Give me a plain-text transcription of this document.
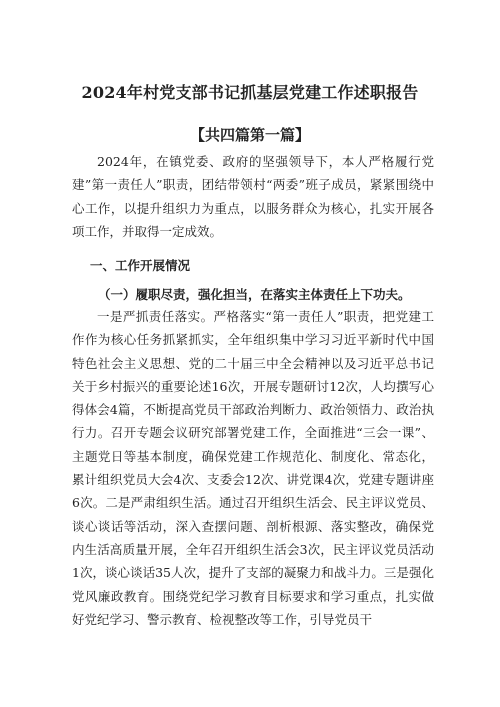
2024年村党支部书记抓基层党建工作述职报告
【共四篇第一篇】

2024年，在镇党委、政府的坚强领导下，本人严格履行党建”第一责任人”职责，团结带领村“两委”班子成员，紧紧围绕中心工作，以提升组织力为重点，以服务群众为核心，扎实开展各项工作，并取得一定成效。

一、工作开展情况
（一）履职尽责，强化担当，在落实主体责任上下功夫。

一是严抓责任落实。严格落实“第一责任人”职责，把党建工作作为核心任务抓紧抓实，全年组织集中学习习近平新时代中国特色社会主义思想、党的二十届三中全会精神以及习近平总书记关于乡村振兴的重要论述16次，开展专题研讨12次，人均撰写心得体会4篇，不断提高党员干部政治判断力、政治领悟力、政治执行力。召开专题会议研究部署党建工作，全面推进“三会一课”、主题党日等基本制度，确保党建工作规范化、制度化、常态化，累计组织党员大会4次、支委会12次、讲党课4次，党建专题讲座6次。二是严肃组织生活。通过召开组织生活会、民主评议党员、谈心谈话等活动，深入查摆问题、剖析根源、落实整改，确保党内生活高质量开展，全年召开组织生活会3次，民主评议党员活动1次，谈心谈话35人次，提升了支部的凝聚力和战斗力。三是强化党风廉政教育。围绕党纪学习教育目标要求和学习重点，扎实做好党纪学习、警示教育、检视整改等工作，引导党员干
